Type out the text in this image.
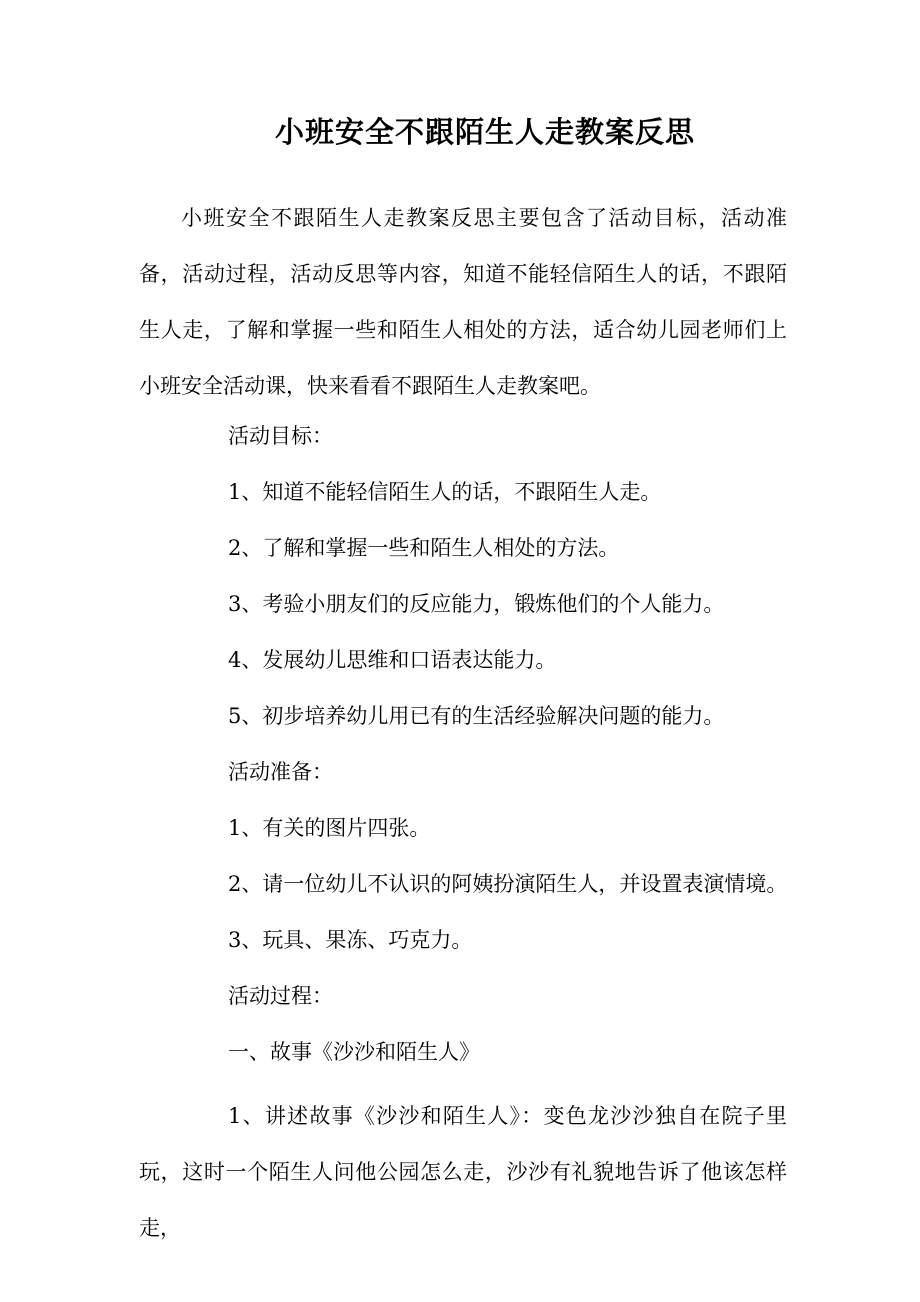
小班安全不跟陌生人走教案反思

小班安全不跟陌生人走教案反思主要包含了活动目标，活动准备，活动过程，活动反思等内容，知道不能轻信陌生人的话，不跟陌生人走，了解和掌握一些和陌生人相处的方法，适合幼儿园老师们上小班安全活动课，快来看看不跟陌生人走教案吧。

活动目标：

1、知道不能轻信陌生人的话，不跟陌生人走。

2、了解和掌握一些和陌生人相处的方法。

3、考验小朋友们的反应能力，锻炼他们的个人能力。

4、发展幼儿思维和口语表达能力。

5、初步培养幼儿用已有的生活经验解决问题的能力。

活动准备：

1、有关的图片四张。

2、请一位幼儿不认识的阿姨扮演陌生人，并设置表演情境。

3、玩具、果冻、巧克力。

活动过程：

一、故事《沙沙和陌生人》

1、讲述故事《沙沙和陌生人》：变色龙沙沙独自在院子里玩，这时一个陌生人问他公园怎么走，沙沙有礼貌地告诉了他该怎样走，
